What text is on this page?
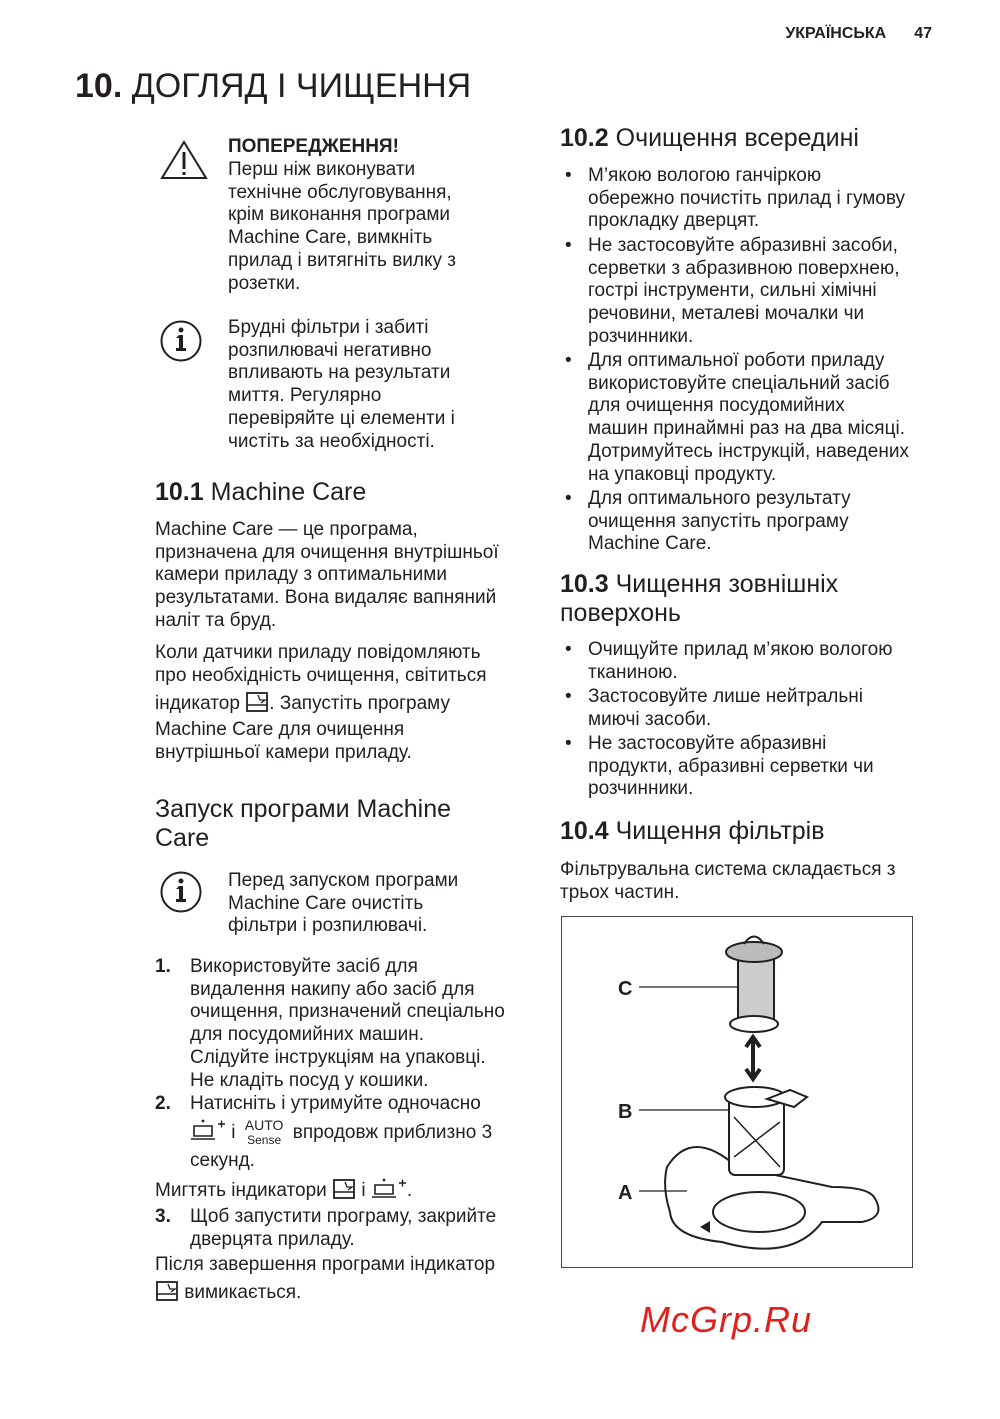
УКРАЇНСЬКА 47
10. ДОГЛЯД І ЧИЩЕННЯ
ПОПЕРЕДЖЕННЯ!
Перш ніж виконувати
технічне обслуговування,
крім виконання програми
Machine Care, вимкніть
прилад і витягніть вилку з
розетки.
Брудні фільтри і забиті
розпилювачі негативно
впливають на результати
миття. Регулярно
перевіряйте ці елементи і
чистіть за необхідності.
10.1 Machine Care
Machine Care — це програма,
призначена для очищення внутрішньої
камери приладу з оптимальними
результатами. Вона видаляє вапняний
наліт та бруд.
Коли датчики приладу повідомляють
про необхідність очищення, світиться
індикатор . Запустіть програму
Machine Care для очищення
внутрішньої камери приладу.
Запуск програми Machine
Care
Перед запуском програми
Machine Care очистіть
фільтри і розпилювачі.
1. Використовуйте засіб для
видалення накипу або засіб для
очищення, призначений спеціально
для посудомийних машин.
Слідуйте інструкціям на упаковці.
Не кладіть посуд у кошики.
2. Натисніть і утримуйте одночасно
і AUTO
Sense впродовж приблизно 3
секунд.
Мигтять індикатори і .
3. Щоб запустити програму, закрийте
дверцята приладу.
Після завершення програми індикатор
вимикається.
10.2 Очищення всередині
• М’якою вологою ганчіркою
обережно почистіть прилад і гумову
прокладку дверцят.
• Не застосовуйте абразивні засоби,
серветки з абразивною поверхнею,
гострі інструменти, сильні хімічні
речовини, металеві мочалки чи
розчинники.
• Для оптимальної роботи приладу
використовуйте спеціальний засіб
для очищення посудомийних
машин принаймні раз на два місяці.
Дотримуйтесь інструкцій, наведених
на упаковці продукту.
• Для оптимального результату
очищення запустіть програму
Machine Care.
10.3 Чищення зовнішніх
поверхонь
• Очищуйте прилад м’якою вологою
тканиною.
• Застосовуйте лише нейтральні
миючі засоби.
• Не застосовуйте абразивні
продукти, абразивні серветки чи
розчинники.
10.4 Чищення фільтрів
Фільтрувальна система складається з
трьох частин.
C
B
A
McGrp.Ru
